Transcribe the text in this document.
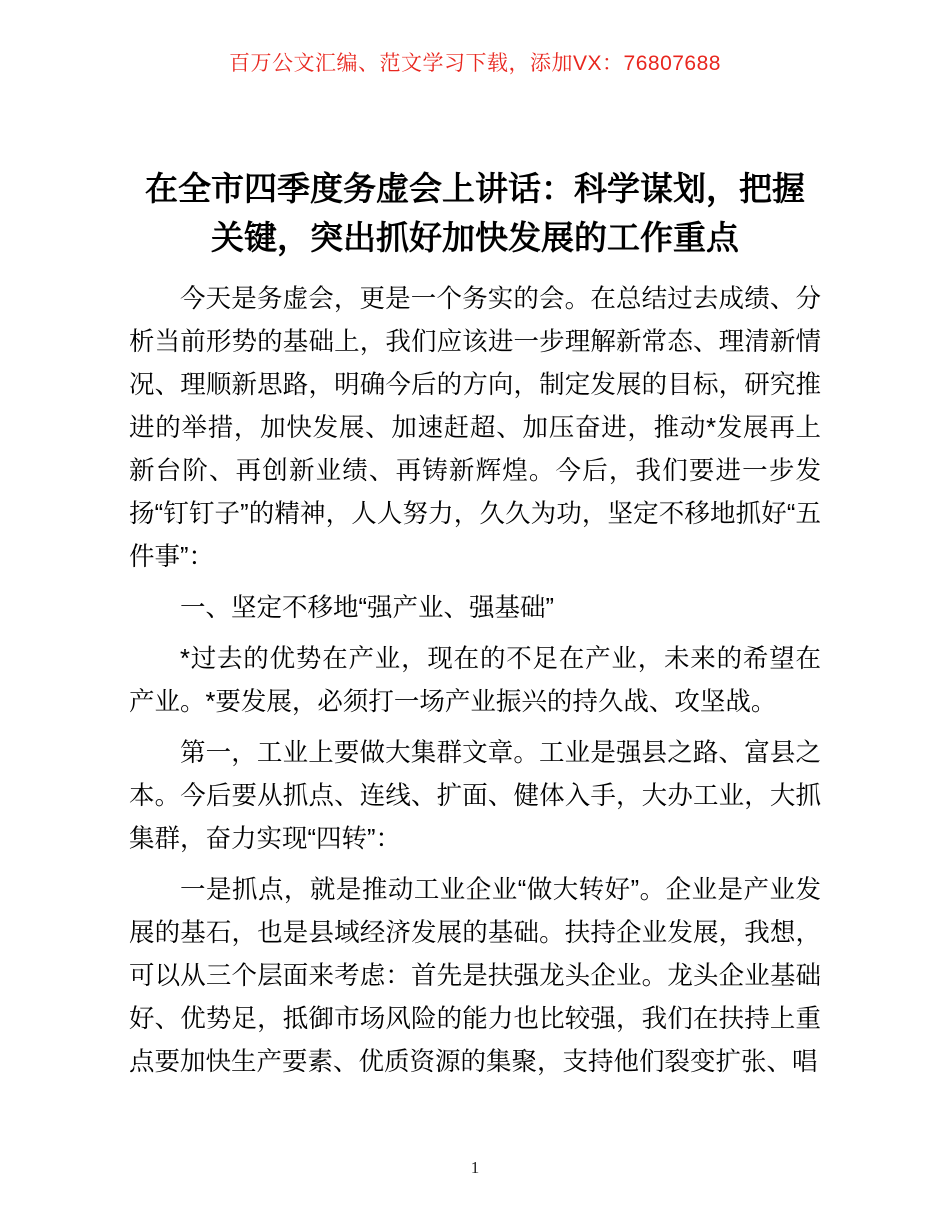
百万公文汇编、范文学习下载，添加VX：76807688
在全市四季度务虚会上讲话：科学谋划，把握
关键，突出抓好加快发展的工作重点

今天是务虚会，更是一个务实的会。在总结过去成绩、分析当前形势的基础上，我们应该进一步理解新常态、理清新情况、理顺新思路，明确今后的方向，制定发展的目标，研究推进的举措，加快发展、加速赶超、加压奋进，推动*发展再上新台阶、再创新业绩、再铸新辉煌。今后，我们要进一步发扬“钉钉子”的精神，人人努力，久久为功，坚定不移地抓好“五件事”：

一、坚定不移地“强产业、强基础”

*过去的优势在产业，现在的不足在产业，未来的希望在产业。*要发展，必须打一场产业振兴的持久战、攻坚战。

第一，工业上要做大集群文章。工业是强县之路、富县之本。今后要从抓点、连线、扩面、健体入手，大办工业，大抓集群，奋力实现“四转”：

一是抓点，就是推动工业企业“做大转好”。企业是产业发展的基石，也是县域经济发展的基础。扶持企业发展，我想，可以从三个层面来考虑：首先是扶强龙头企业。龙头企业基础好、优势足，抵御市场风险的能力也比较强，我们在扶持上重点要加快生产要素、优质资源的集聚，支持他们裂变扩张、唱

1
